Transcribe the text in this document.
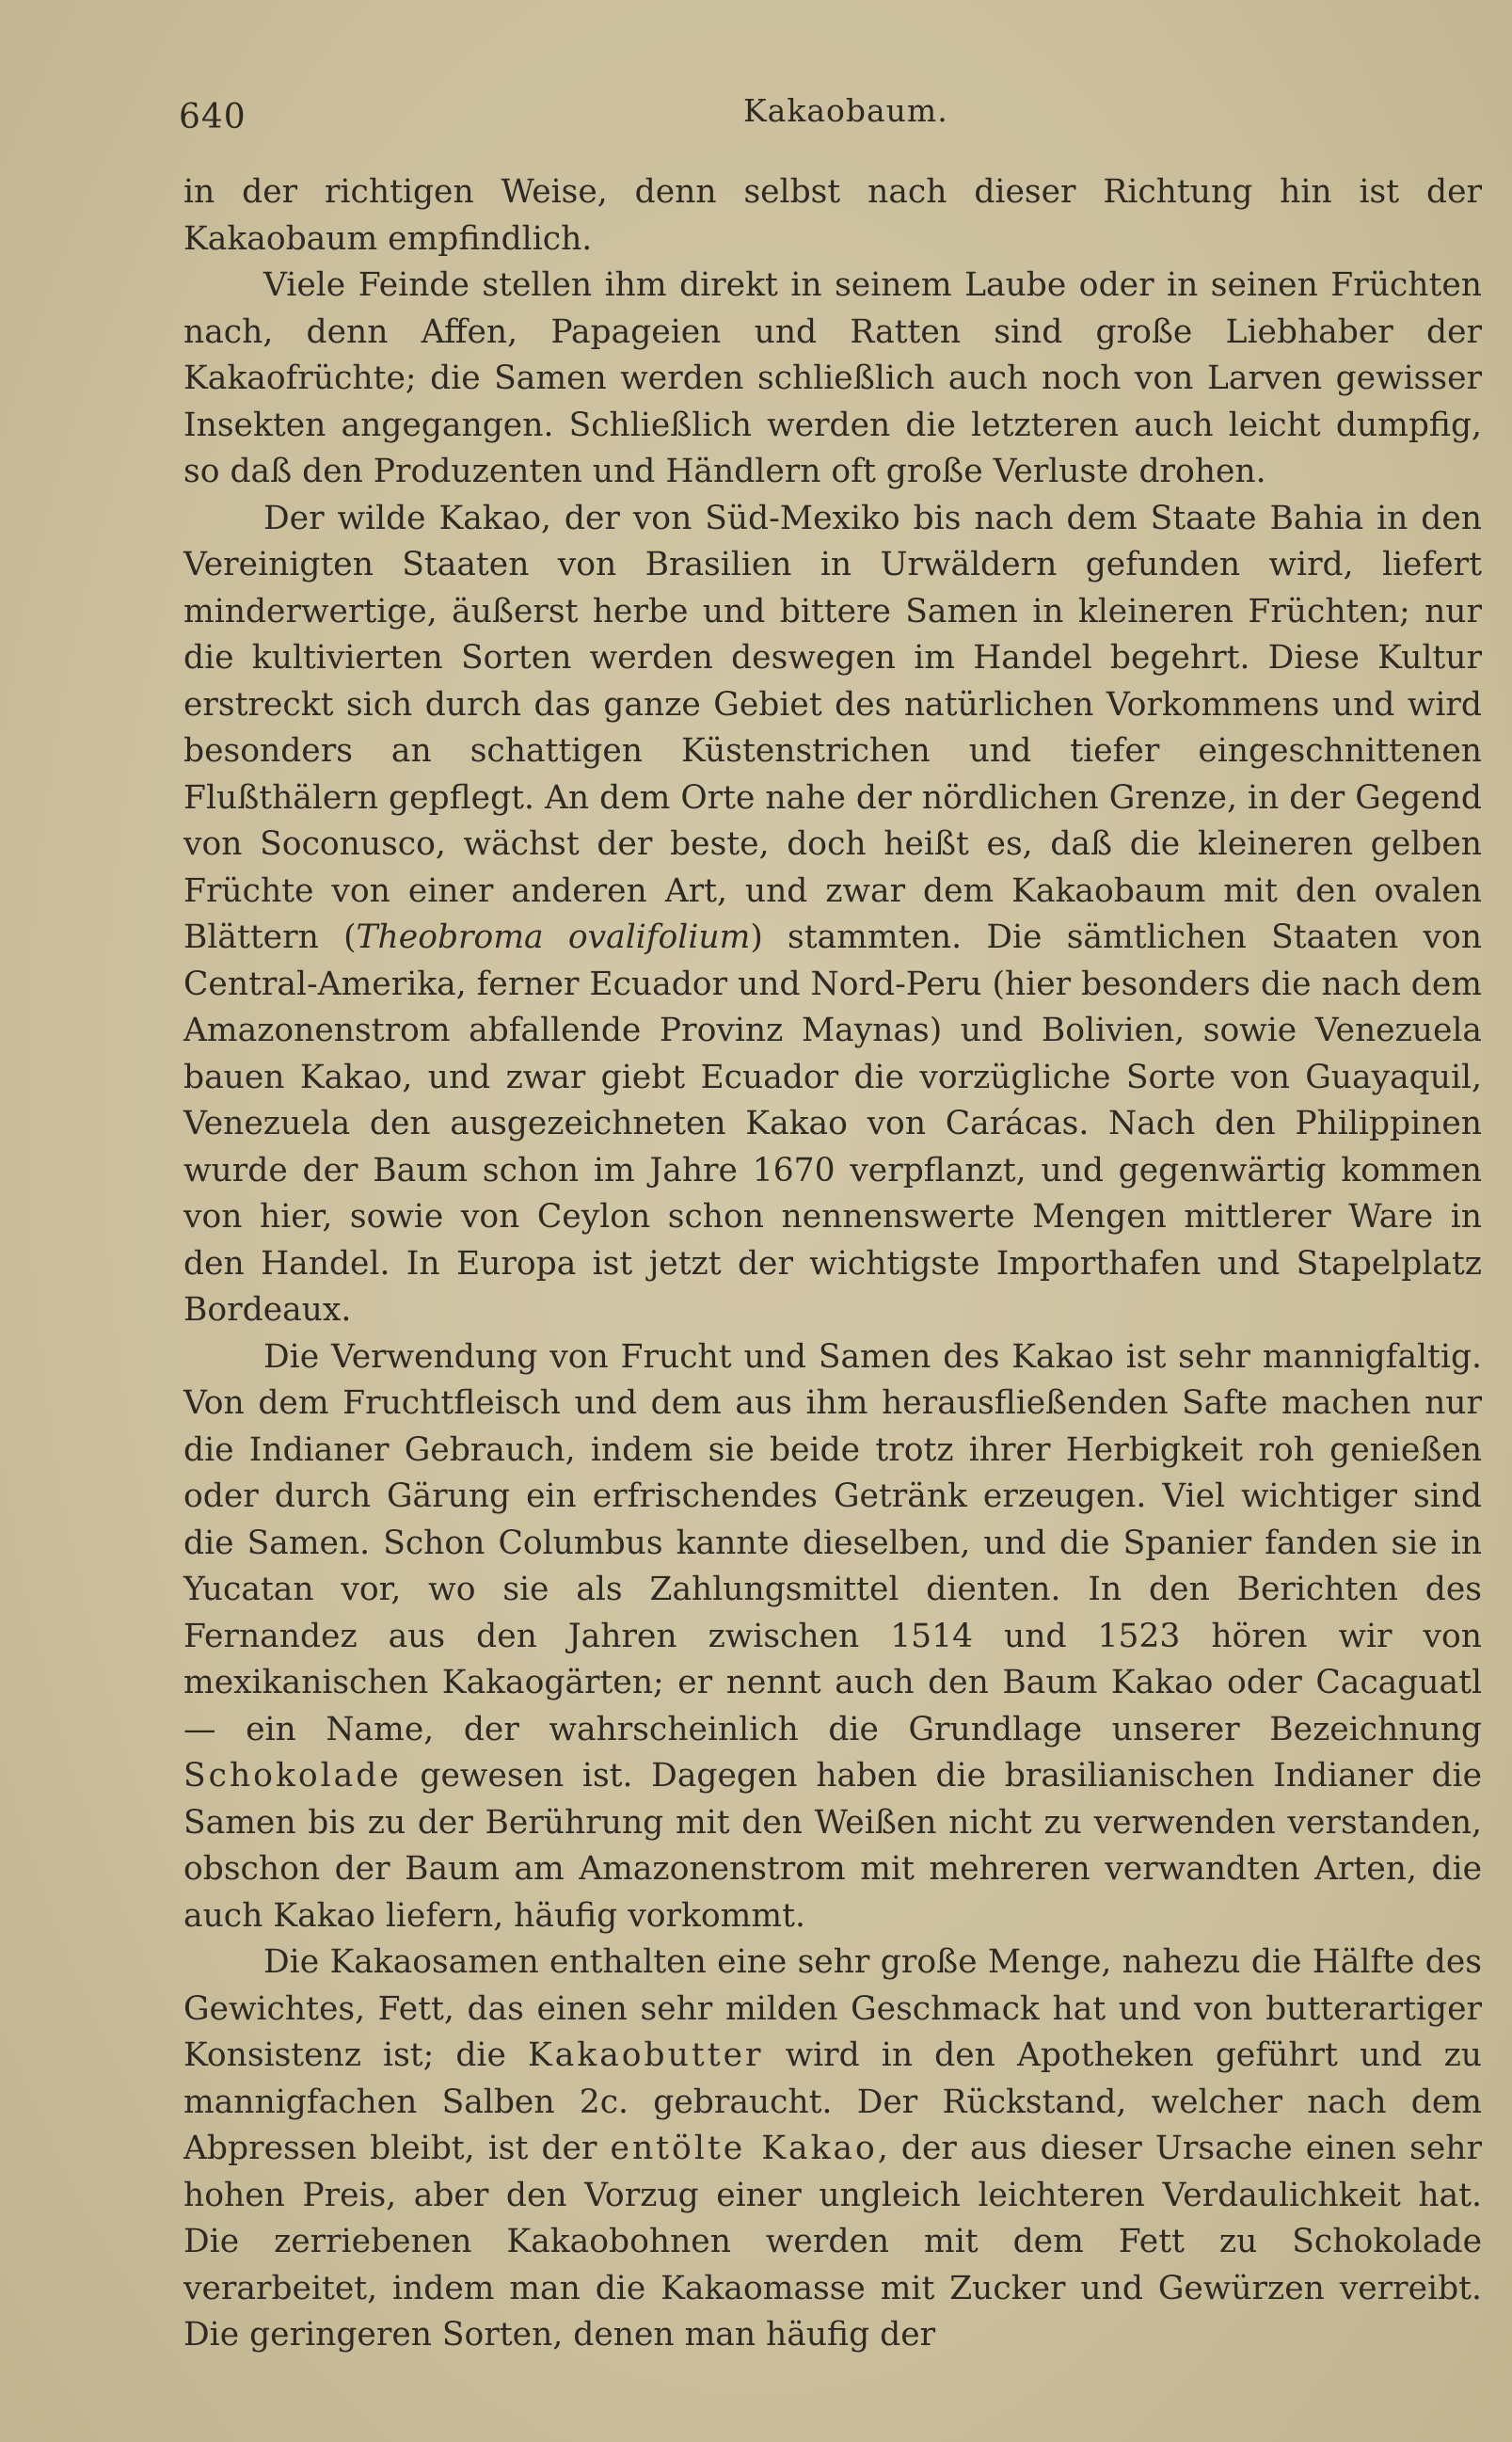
640	Kakaobaum.

in der richtigen Weise, denn selbst nach dieser Richtung hin ist der Kakaobaum empfindlich.

Viele Feinde stellen ihm direkt in seinem Laube oder in seinen Früchten nach, denn Affen, Papageien und Ratten sind große Liebhaber der Kakaofrüchte; die Samen werden schließlich auch noch von Larven gewisser Insekten angegangen. Schließlich werden die letzteren auch leicht dumpfig, so daß den Produzenten und Händlern oft große Verluste drohen.

Der wilde Kakao, der von Süd-Mexiko bis nach dem Staate Bahia in den Vereinigten Staaten von Brasilien in Urwäldern gefunden wird, liefert minderwertige, äußerst herbe und bittere Samen in kleineren Früchten; nur die kultivierten Sorten werden deswegen im Handel begehrt. Diese Kultur erstreckt sich durch das ganze Gebiet des natürlichen Vorkommens und wird besonders an schattigen Küstenstrichen und tiefer eingeschnittenen Flußthälern gepflegt. An dem Orte nahe der nördlichen Grenze, in der Gegend von Soconusco, wächst der beste, doch heißt es, daß die kleineren gelben Früchte von einer anderen Art, und zwar dem Kakaobaum mit den ovalen Blättern (Theobroma ovalifolium) stammten. Die sämtlichen Staaten von Central-Amerika, ferner Ecuador und Nord-Peru (hier besonders die nach dem Amazonenstrom abfallende Provinz Maynas) und Bolivien, sowie Venezuela bauen Kakao, und zwar giebt Ecuador die vorzügliche Sorte von Guayaquil, Venezuela den ausgezeichneten Kakao von Carácas. Nach den Philippinen wurde der Baum schon im Jahre 1670 verpflanzt, und gegenwärtig kommen von hier, sowie von Ceylon schon nennenswerte Mengen mittlerer Ware in den Handel. In Europa ist jetzt der wichtigste Importhafen und Stapelplatz Bordeaux.

Die Verwendung von Frucht und Samen des Kakao ist sehr mannigfaltig. Von dem Fruchtfleisch und dem aus ihm herausfließenden Safte machen nur die Indianer Gebrauch, indem sie beide trotz ihrer Herbigkeit roh genießen oder durch Gärung ein erfrischendes Getränk erzeugen. Viel wichtiger sind die Samen. Schon Columbus kannte dieselben, und die Spanier fanden sie in Yucatan vor, wo sie als Zahlungsmittel dienten. In den Berichten des Fernandez aus den Jahren zwischen 1514 und 1523 hören wir von mexikanischen Kakaogärten; er nennt auch den Baum Kakao oder Cacaguatl — ein Name, der wahrscheinlich die Grundlage unserer Bezeichnung Schokolade gewesen ist. Dagegen haben die brasilianischen Indianer die Samen bis zu der Berührung mit den Weißen nicht zu verwenden verstanden, obschon der Baum am Amazonenstrom mit mehreren verwandten Arten, die auch Kakao liefern, häufig vorkommt.

Die Kakaosamen enthalten eine sehr große Menge, nahezu die Hälfte des Gewichtes, Fett, das einen sehr milden Geschmack hat und von butterartiger Konsistenz ist; die Kakaobutter wird in den Apotheken geführt und zu mannigfachen Salben 2c. gebraucht. Der Rückstand, welcher nach dem Abpressen bleibt, ist der entölte Kakao, der aus dieser Ursache einen sehr hohen Preis, aber den Vorzug einer ungleich leichteren Verdaulichkeit hat. Die zerriebenen Kakaobohnen werden mit dem Fett zu Schokolade verarbeitet, indem man die Kakaomasse mit Zucker und Gewürzen verreibt. Die geringeren Sorten, denen man häufig der
